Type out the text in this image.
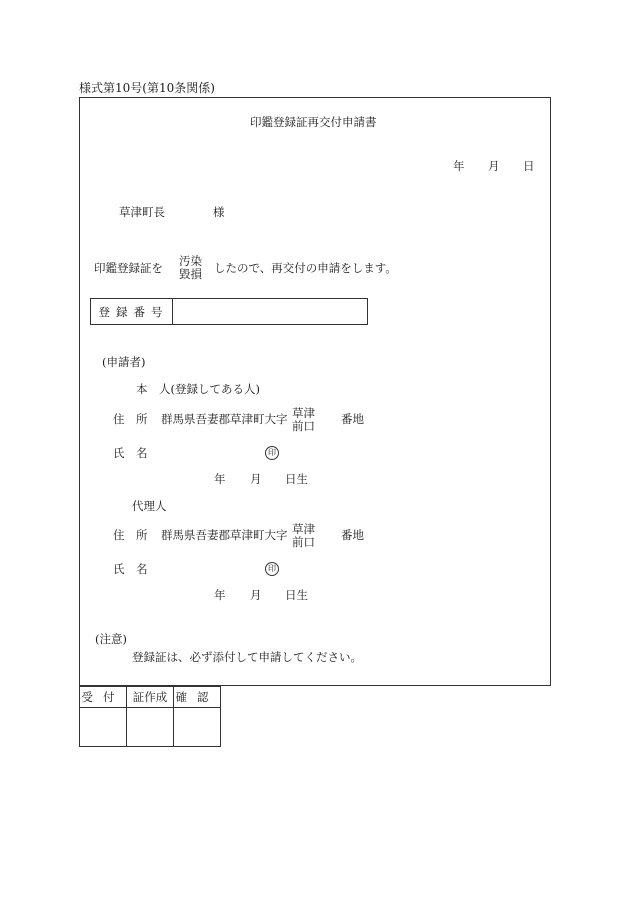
様式第10号(第10条関係)
印鑑登録証再交付申請書
年 月 日
草津町長	様
印鑑登録証を 汚染
毀損 したので、再交付の申請をします。
登録番号
(申請者)
本　人(登録してある人)
住　所 群馬県吾妻郡草津町大字 草津
前口 番地
氏　名	印
年 月 日生
代理人
住　所 群馬県吾妻郡草津町大字 草津
前口 番地
氏　名	印
年 月 日生
(注意)
登録証は、必ず添付して申請してください。
受付	証作成	確認
